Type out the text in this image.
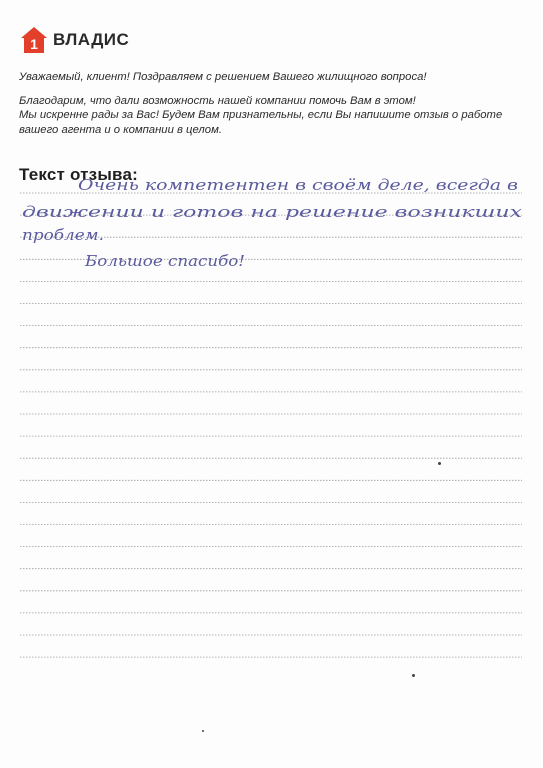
1 ВЛАДИС

Уважаемый, клиент! Поздравляем с решением Вашего жилищного вопроса!

Благодарим, что дали возможность нашей компании помочь Вам в этом!

Мы искренне рады за Вас! Будем Вам признательны, если Вы напишите отзыв о работе

вашего агента и о компании в целом.

Текст отзыва:
Очень компетентен в своём деле, всегда в
движении и готов на решение возникших
проблем.
Большое спасибо!
